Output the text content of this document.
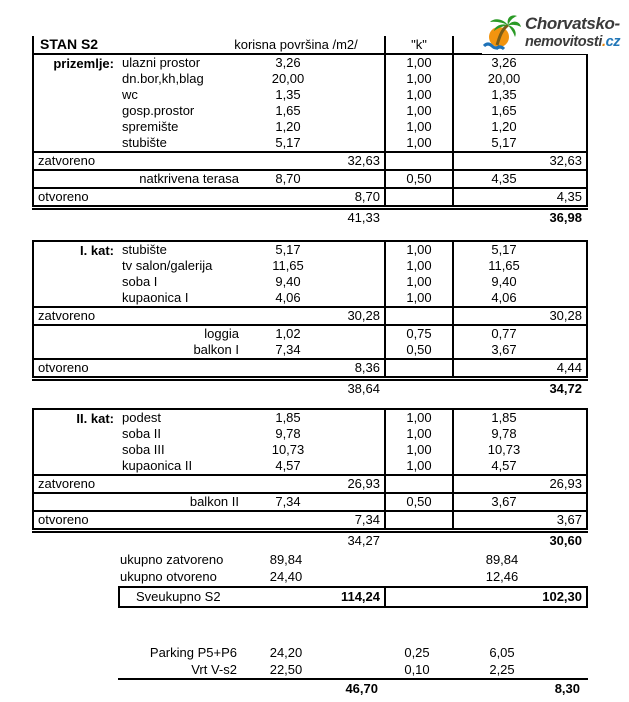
Chorvatsko-
nemovitosti.cz
prizemlje:
STAN S2	korisna površina /m2/	"k"
ulazni prostor	3,26	1,00	3,26
dn.bor,kh,blag	20,00	1,00	20,00
wc	1,35	1,00	1,35
gosp.prostor	1,65	1,00	1,65
spremište	1,20	1,00	1,20
stubište	5,17	1,00	5,17
zatvoreno	32,63	32,63
natkrivena terasa	8,70	0,50	4,35
otvoreno	8,70	4,35
41,33	36,98
I. kat: stubište	5,17	1,00	5,17
tv salon/galerija	11,65	1,00	11,65
soba I	9,40	1,00	9,40
kupaonica I	4,06	1,00	4,06
zatvoreno	30,28	30,28
loggia	1,02	0,75	0,77
balkon I	7,34	0,50	3,67
otvoreno	8,36	4,44
38,64	34,72
II. kat: podest	1,85	1,00	1,85
soba II	9,78	1,00	9,78
soba III	10,73	1,00	10,73
kupaonica II	4,57	1,00	4,57
zatvoreno	26,93	26,93
balkon II	7,34	0,50	3,67
otvoreno	7,34	3,67
34,27	30,60
ukupno zatvoreno	89,84	89,84
ukupno otvoreno	24,40	12,46
Sveukupno S2	114,24	102,30
Parking P5+P6	24,20	0,25	6,05
Vrt V-s2	22,50	0,10	2,25
46,70	8,30
